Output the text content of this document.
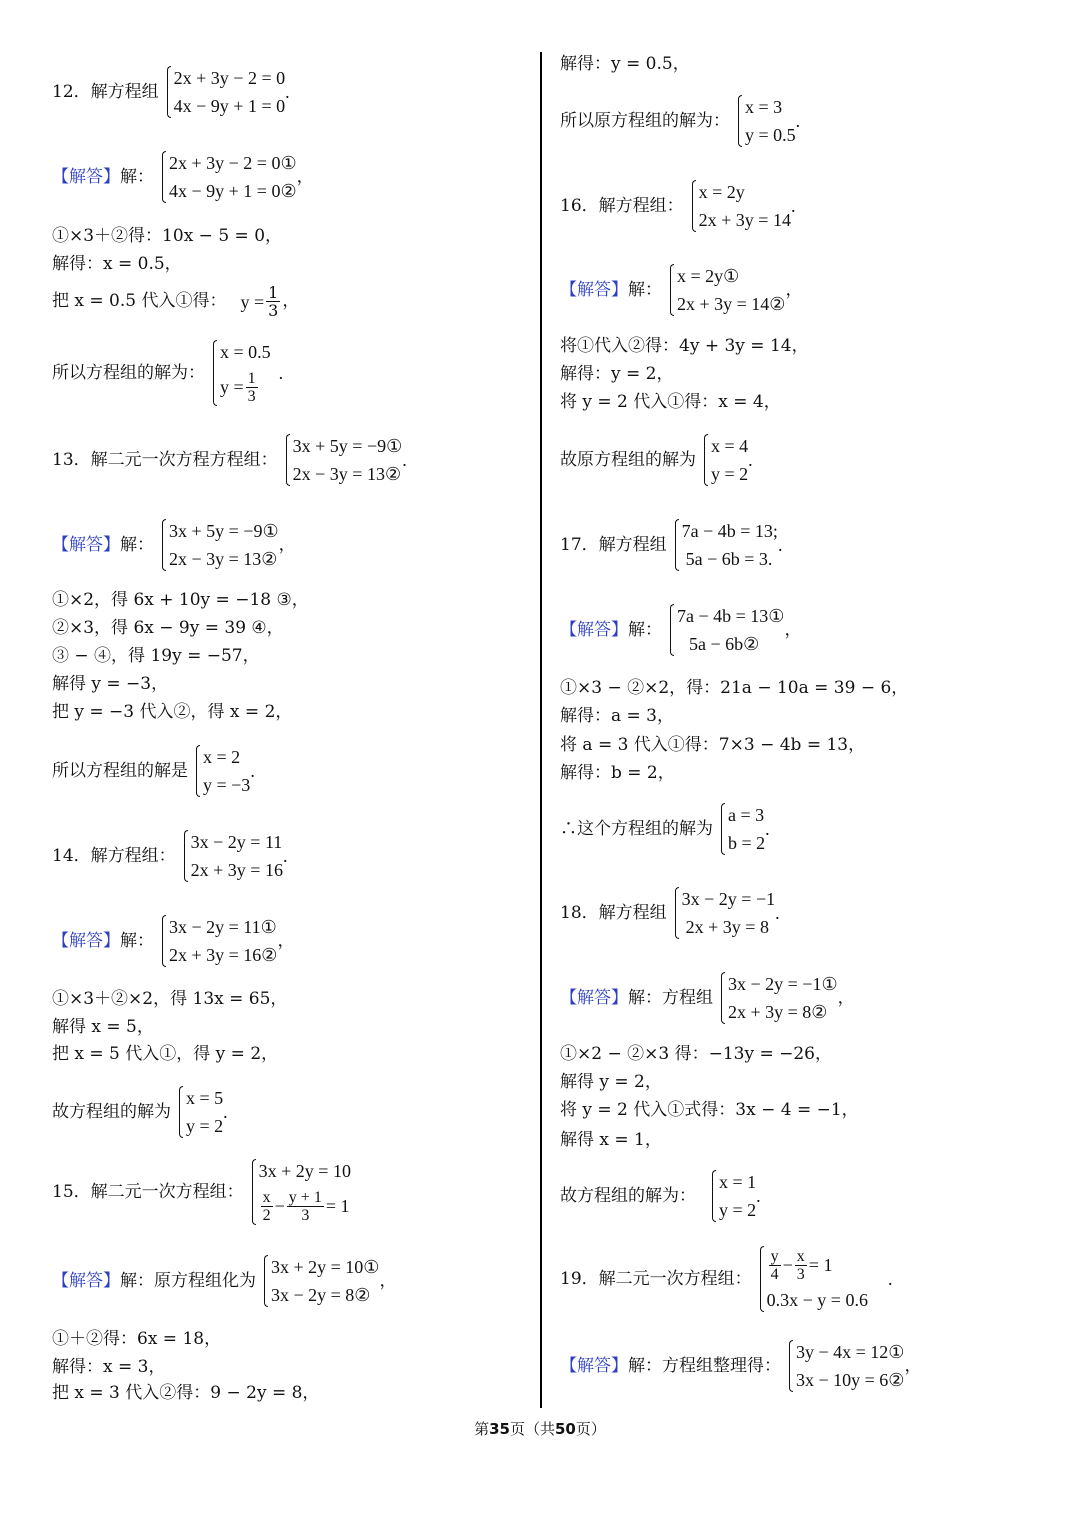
12．解方程组
2x + 3y − 2 = 0
4x − 9y + 1 = 0
.
【解答】 解：
2x + 3y − 2 = 0①
4x − 9y + 1 = 0②
，
①×3＋②得：10x − 5 = 0，
解得：x = 0.5，
把 x = 0.5 代入①得： $y = \frac{1}{3}$ ，
所以方程组的解为：
x = 0.5
$y = \frac{1}{3}$ .
13．解二元一次方程方程组：
3x + 5y = −9①
2x − 3y = 13②
.
【解答】 解：
3x + 5y = −9①
2x − 3y = 13②
，
①×2，得 6x + 10y = −18 ③，
②×3，得 6x − 9y = 39 ④，
③ − ④，得 19y = −57，
解得 y = −3，
把 y = −3 代入②，得 x = 2，
所以方程组的解是
x = 2
y = −3
.
14．解方程组：
3x − 2y = 11
2x + 3y = 16
.
【解答】 解：
3x − 2y = 11①
2x + 3y = 16②
，
①×3＋②×2，得 13x = 65，
解得 x = 5，
把 x = 5 代入①，得 y = 2，
故方程组的解为
x = 5
y = 2
.
15．解二元一次方程组：
3x + 2y = 10
$\frac{x}{2} - \frac{y + 1}{3} = 1$
【解答】 解：原方程组化为
3x + 2y = 10①
3x − 2y = 8②
，
①＋②得：6x = 18，
解得：x = 3，
把 x = 3 代入②得：9 − 2y = 8，
解得：y = 0.5，
所以原方程组的解为：
x = 3
y = 0.5
.
16．解方程组：
x = 2y
2x + 3y = 14
.
【解答】 解：
x = 2y①
2x + 3y = 14②
，
将①代入②得：4y + 3y = 14，
解得：y = 2，
将 y = 2 代入①得：x = 4，
故原方程组的解为
x = 4
y = 2
.
17．解方程组
7a − 4b = 13;
5a − 6b = 3.
.
【解答】 解：
7a − 4b = 13①
5a − 6b②
，
①×3 − ②×2，得：21a − 10a = 39 − 6，
解得：a = 3，
将 a = 3 代入①得：7×3 − 4b = 13，
解得：b = 2，
∴这个方程组的解为
a = 3
b = 2
.
18．解方程组
3x − 2y = −1
2x + 3y = 8
.
【解答】 解：方程组
3x − 2y = −1①
2x + 3y = 8②
，
①×2 − ②×3 得：−13y = −26，
解得 y = 2，
将 y = 2 代入①式得：3x − 4 = −1，
解得 x = 1，
故方程组的解为：
x = 1
y = 2
.
19．解二元一次方程组： $\frac{y}{4} - \frac{x}{3} = 1$
0.3x − y = 0.6
.
【解答】 解：方程组整理得：
3y − 4x = 12①
3x − 10y = 6②
，
第35页（共50页）
